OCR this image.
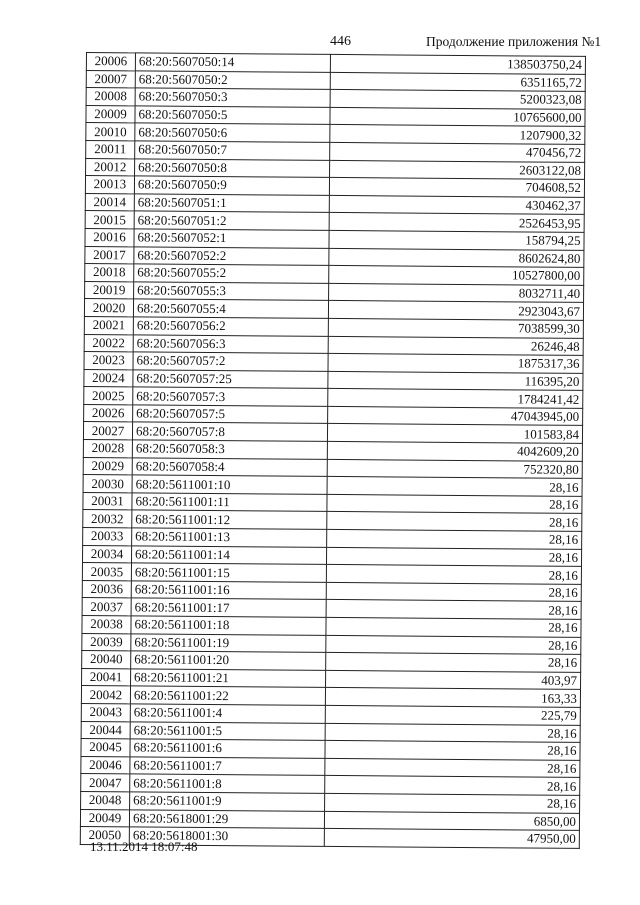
446	Продолжение приложения №1
20006	68:20:5607050:14	138503750,24
20007	68:20:5607050:2	6351165,72
20008	68:20:5607050:3	5200323,08
20009	68:20:5607050:5	10765600,00
20010	68:20:5607050:6	1207900,32
20011	68:20:5607050:7	470456,72
20012	68:20:5607050:8	2603122,08
20013	68:20:5607050:9	704608,52
20014	68:20:5607051:1	430462,37
20015	68:20:5607051:2	2526453,95
20016	68:20:5607052:1	158794,25
20017	68:20:5607052:2	8602624,80
20018	68:20:5607055:2	10527800,00
20019	68:20:5607055:3	8032711,40
20020	68:20:5607055:4	2923043,67
20021	68:20:5607056:2	7038599,30
20022	68:20:5607056:3	26246,48
20023	68:20:5607057:2	1875317,36
20024	68:20:5607057:25	116395,20
20025	68:20:5607057:3	1784241,42
20026	68:20:5607057:5	47043945,00
20027	68:20:5607057:8	101583,84
20028	68:20:5607058:3	4042609,20
20029	68:20:5607058:4	752320,80
20030	68:20:5611001:10	28,16
20031	68:20:5611001:11	28,16
20032	68:20:5611001:12	28,16
20033	68:20:5611001:13	28,16
20034	68:20:5611001:14	28,16
20035	68:20:5611001:15	28,16
20036	68:20:5611001:16	28,16
20037	68:20:5611001:17	28,16
20038	68:20:5611001:18	28,16
20039	68:20:5611001:19	28,16
20040	68:20:5611001:20	28,16
20041	68:20:5611001:21	403,97
20042	68:20:5611001:22	163,33
20043	68:20:5611001:4	225,79
20044	68:20:5611001:5	28,16
20045	68:20:5611001:6	28,16
20046	68:20:5611001:7	28,16
20047	68:20:5611001:8	28,16
20048	68:20:5611001:9	28,16
20049	68:20:5618001:29	6850,00
20050	68:20:5618001:30	47950,00
13.11.2014 18:07:48
